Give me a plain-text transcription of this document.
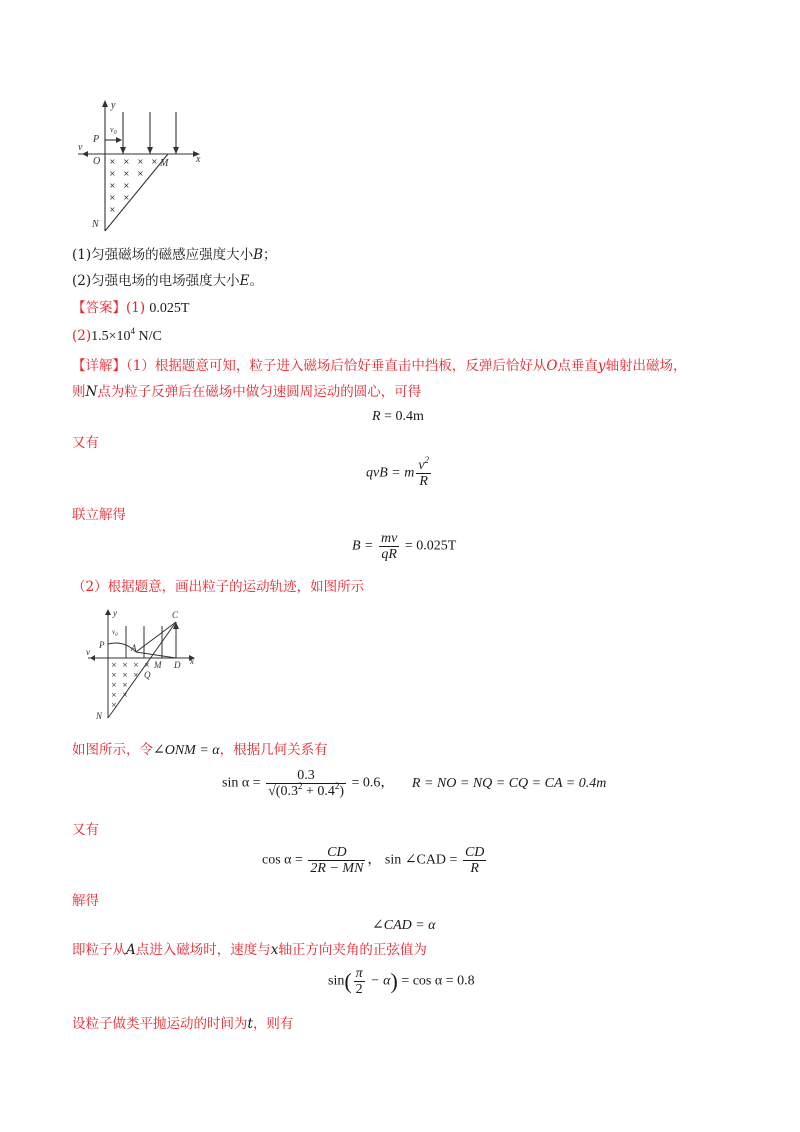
y
x
P
$v_0$
v
O	M
N
× × × ×
× × ×
× ×
× ×
×
(1)匀强磁场的磁感应强度大小B；
(2)匀强电场的电场强度大小E。
【答案】(1) 0.025T
$(2)1.5\times 10^4$ N/C
【详解】（1）根据题意可知，粒子进入磁场后恰好垂直击中挡板，反弹后恰好从O点垂直y轴射出磁场，
则N点为粒子反弹后在磁场中做匀速圆周运动的圆心，可得
R = 0.4m
又有
qvB = m $\frac{v^2}{R}$
联立解得
$B = \frac{mv}{qR} = 0.025T$
（2）根据题意，画出粒子的运动轨迹，如图所示
y
x
P
$v_0$
v	A
M D
Q
C
N
× × × ×
× × ×
× ×
× ×
×
如图所示，令∠ONM = α，根据几何关系有
$\sin \alpha = \frac{0.3}{√(0.3^2 + 0.4^2)} = 0.6$， R = NO = NQ = CQ = CA = 0.4m
又有
$\cos \alpha = \frac{CD}{2R - MN}$ ， sin ∠CAD = $\frac{CD}{R}$
解得
∠CAD = α
即粒子从A点进入磁场时，速度与x轴正方向夹角的正弦值为
$\sin( \frac{\pi}{2} - \alpha) = \cos \alpha = 0.8$
设粒子做类平抛运动的时间为t，则有
